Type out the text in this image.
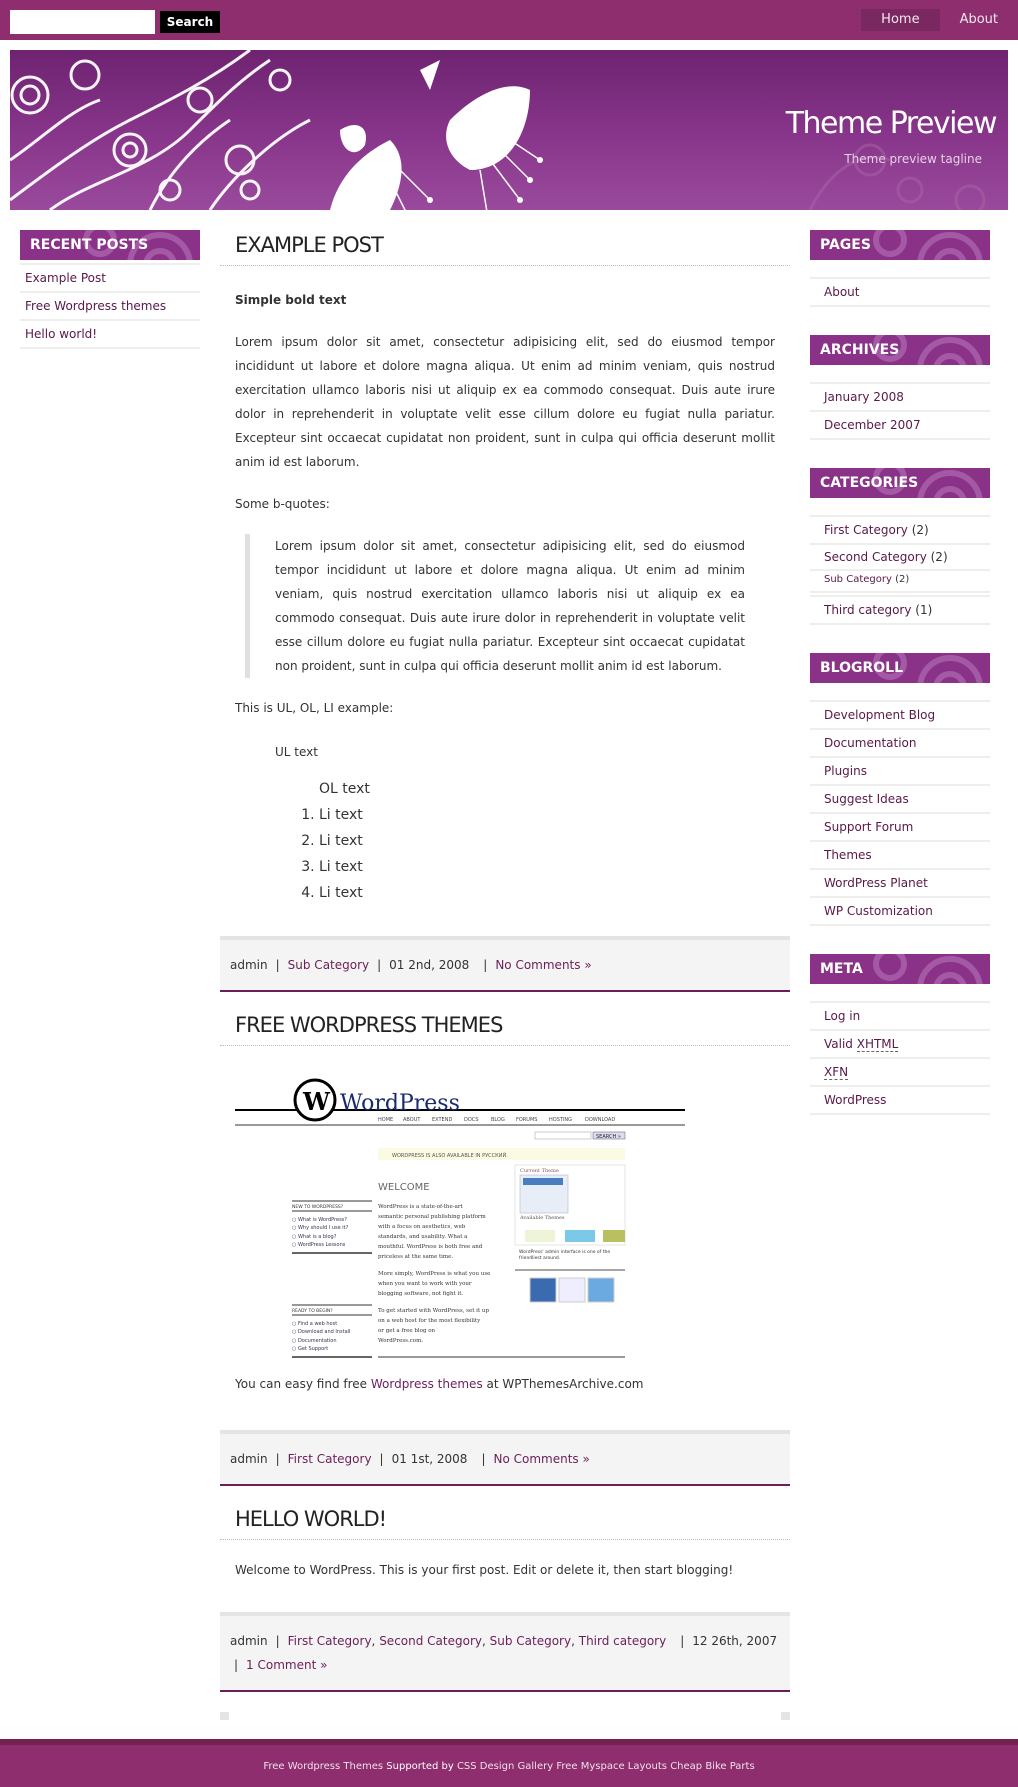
Search	Home	About
Theme Preview
Theme preview tagline
RECENT POSTS
Example Post
Free Wordpress themes
Hello world!
EXAMPLE POST

Simple bold text

Lorem ipsum dolor sit amet, consectetur adipisicing elit, sed do eiusmod tempor incididunt ut labore et dolore magna aliqua. Ut enim ad minim veniam, quis nostrud exercitation ullamco laboris nisi ut aliquip ex ea commodo consequat. Duis aute irure dolor in reprehenderit in voluptate velit esse cillum dolore eu fugiat nulla pariatur. Excepteur sint occaecat cupidatat non proident, sunt in culpa qui officia deserunt mollit anim id est laborum.

Some b-quotes:

Lorem ipsum dolor sit amet, consectetur adipisicing elit, sed do eiusmod tempor incididunt ut labore et dolore magna aliqua. Ut enim ad minim veniam, quis nostrud exercitation ullamco laboris nisi ut aliquip ex ea commodo consequat. Duis aute irure dolor in reprehenderit in voluptate velit esse cillum dolore eu fugiat nulla pariatur. Excepteur sint occaecat cupidatat non proident, sunt in culpa qui officia deserunt mollit anim id est laborum.

This is UL, OL, LI example:

UL text
OL text
1. Li text
2. Li text
3. Li text
4. Li text
admin | Sub Category | 01 2nd, 2008 | No Comments »
FREE WORDPRESS THEMES
W WordPress
HOME ABOUT EXTEND DOCS	BLOG FORUMS HOSTING	DOWNLOAD
SEARCH »
WORDPRESS IS ALSO AVAILABLE IN РУССКИЙ.
WELCOME
NEW TO WORDPRESS?
○ What is WordPress?
○ Why should I use it?
○ What is a blog?
○ WordPress Lessons
READY TO BEGIN?
○ Find a web host
○ Download and Install
○ Documentation
○ Get Support
WordPress is a state-of-the-art
semantic personal publishing platform
with a focus on aesthetics, web
standards, and usability. What a
mouthful. WordPress is both free and
priceless at the same time.
More simply, WordPress is what you use
when you want to work with your
blogging software, not fight it.
To get started with WordPress, set it up
on a web host for the most flexibility
or get a free blog on
WordPress.com.
Current Theme
Available Themes
WordPress' admin interface is one of the
friendliest around.

You can easy find free Wordpress themes at WPThemesArchive.com

admin | First Category | 01 1st, 2008 | No Comments »
HELLO WORLD!

Welcome to WordPress. This is your first post. Edit or delete it, then start blogging!

admin | First Category, Second Category, Sub Category, Third category | 12 26th, 2007
| 1 Comment »
PAGES
About
ARCHIVES
January 2008
December 2007
CATEGORIES
First Category (2)
Second Category (2)
Sub Category (2)
Third category (1)
BLOGROLL
Development Blog
Documentation
Plugins
Suggest Ideas
Support Forum
Themes
WordPress Planet
WP Customization
META
Log in
Valid XHTML
XFN
WordPress
Free Wordpress Themes Supported by CSS Design Gallery Free Myspace Layouts Cheap Bike Parts
